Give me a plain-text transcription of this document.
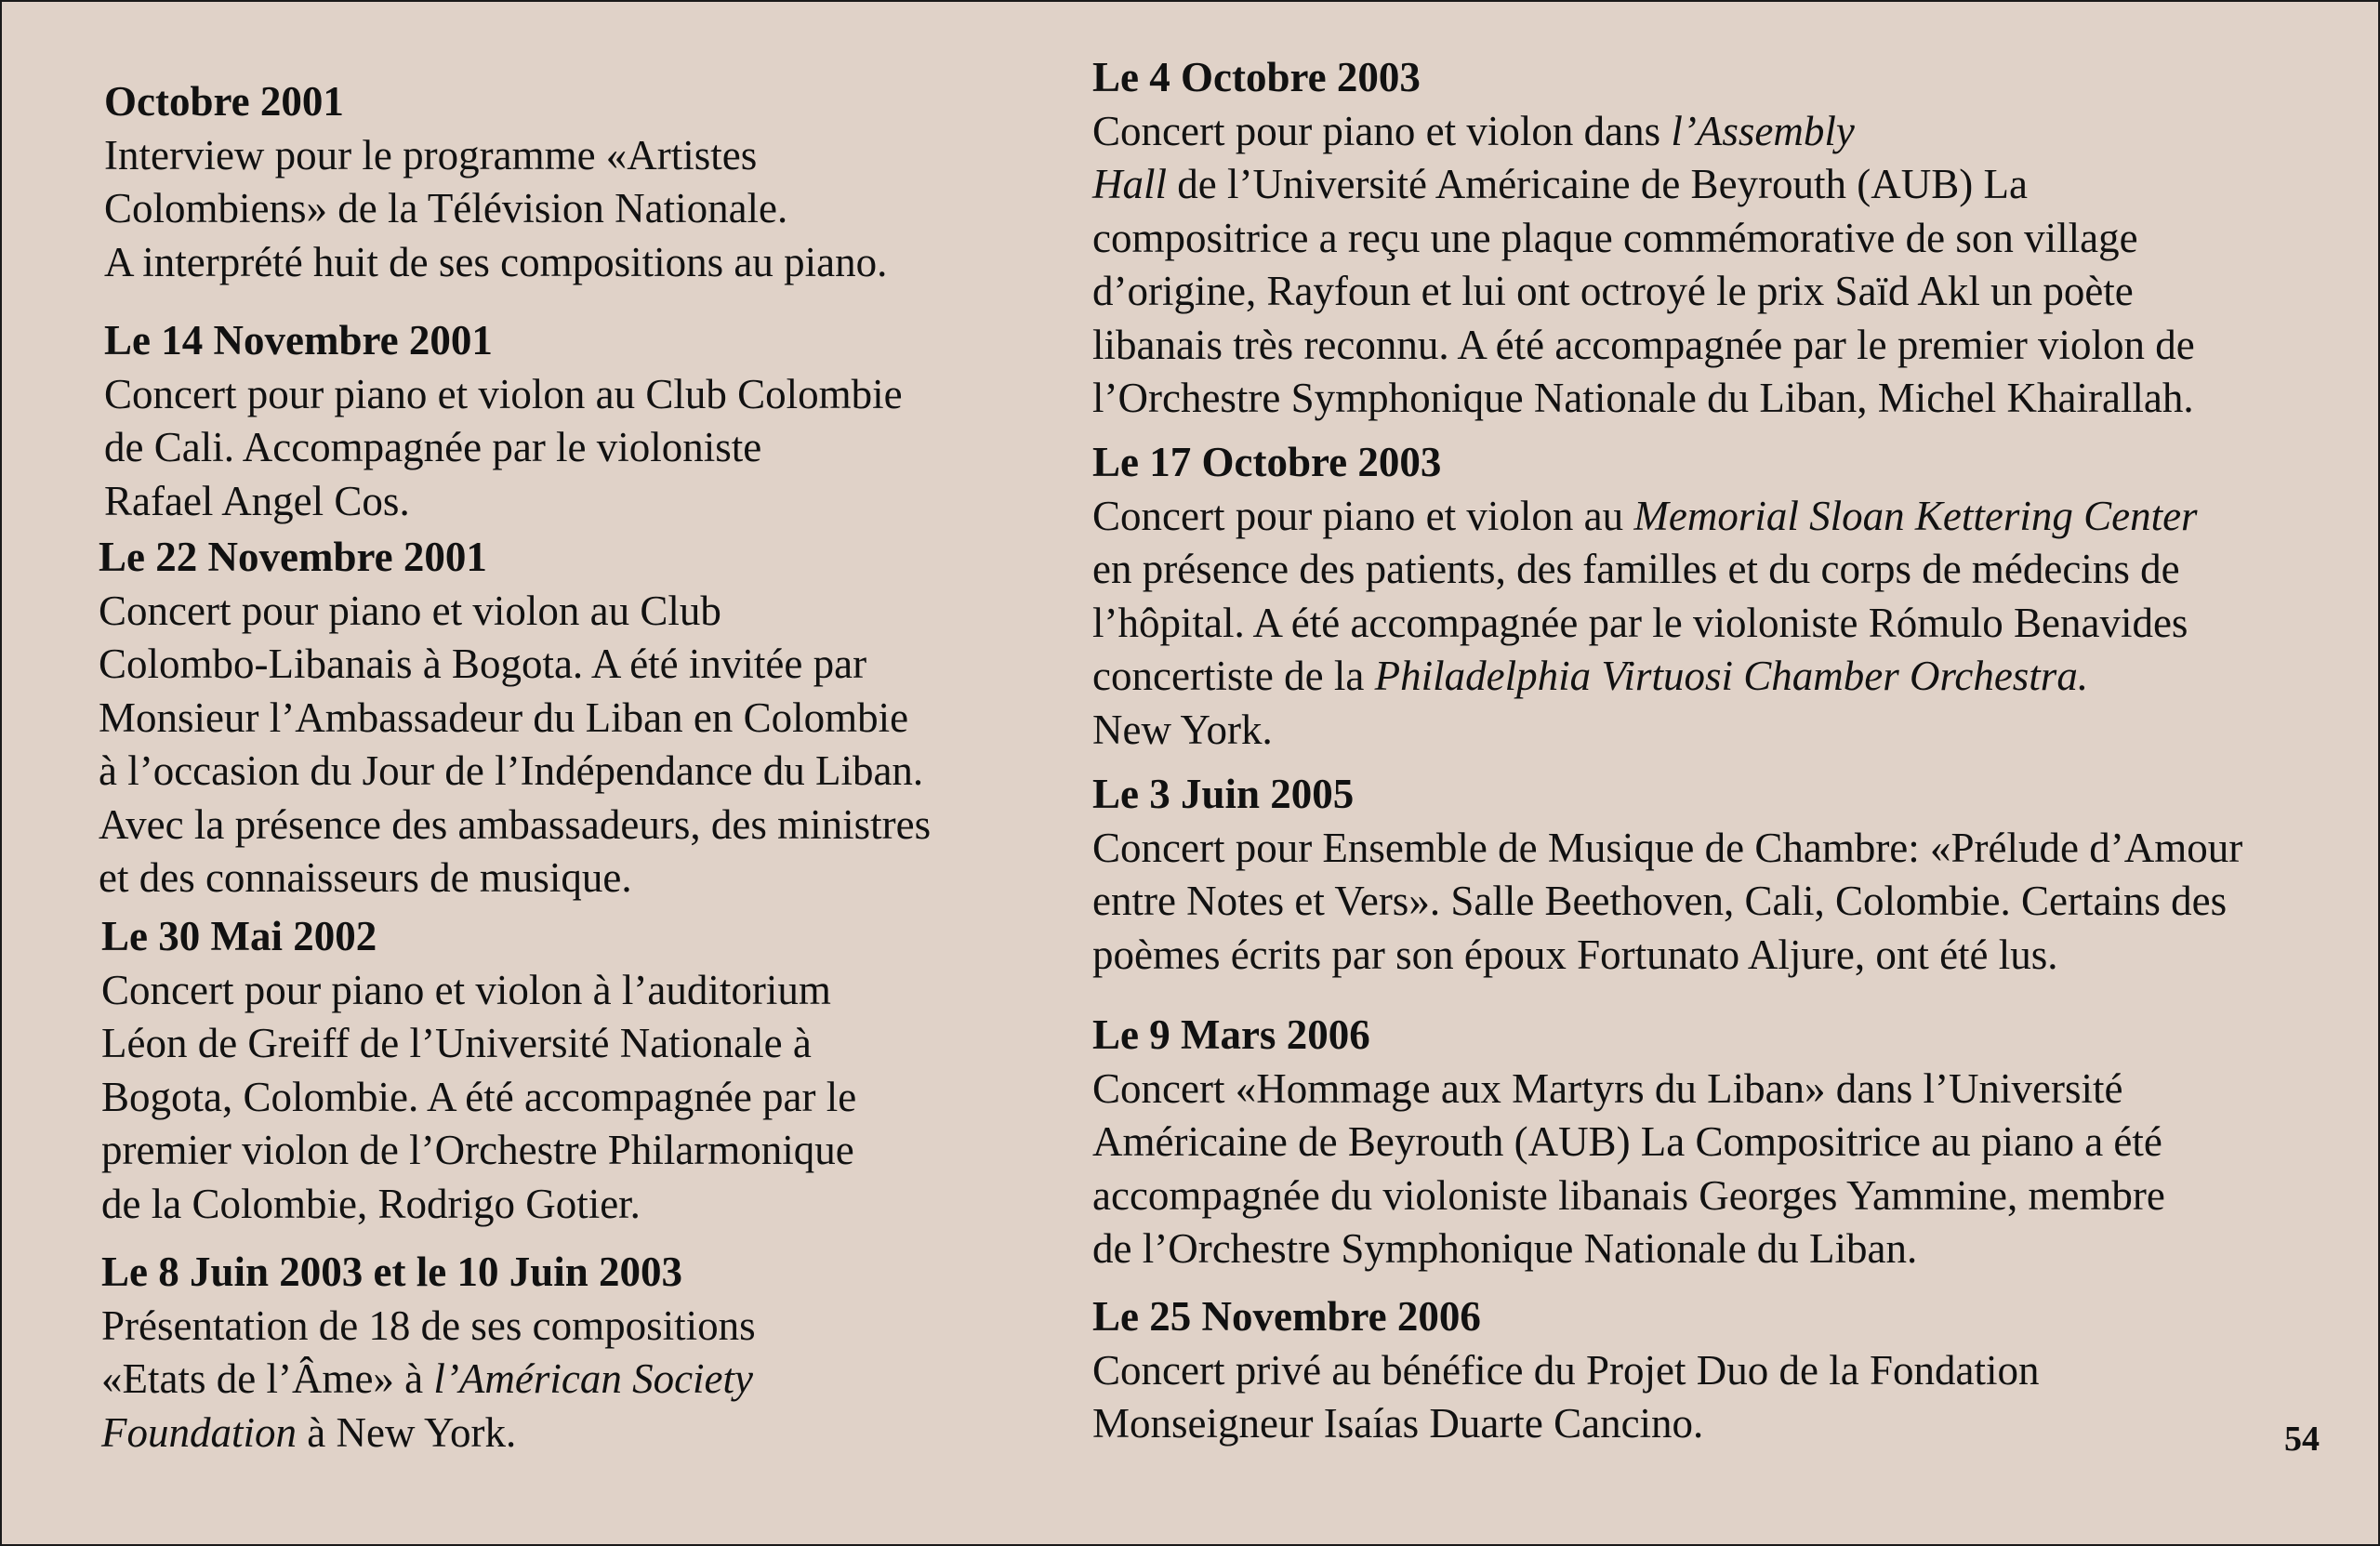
Octobre 2001

Interview pour le programme «Artistes
Colombiens» de la Télévision Nationale.
A interprété huit de ses compositions au piano.

Le 14 Novembre 2001

Concert pour piano et violon au Club Colombie
de Cali. Accompagnée par le violoniste
Rafael Angel Cos.

Le 22 Novembre 2001

Concert pour piano et violon au Club
Colombo-Libanais à Bogota. A été invitée par
Monsieur l’Ambassadeur du Liban en Colombie
à l’occasion du Jour de l’Indépendance du Liban.
Avec la présence des ambassadeurs, des ministres
et des connaisseurs de musique.

Le 30 Mai 2002

Concert pour piano et violon à l’auditorium
Léon de Greiff de l’Université Nationale à
Bogota, Colombie. A été accompagnée par le
premier violon de l’Orchestre Philarmonique
de la Colombie, Rodrigo Gotier.

Le 8 Juin 2003 et le 10 Juin 2003

Présentation de 18 de ses compositions
«Etats de l’Âme» à l’Américan Society
Foundation à New York.

Le 4 Octobre 2003

Concert pour piano et violon dans l’Assembly
Hall de l’Université Américaine de Beyrouth (AUB) La
compositrice a reçu une plaque commémorative de son village
d’origine, Rayfoun et lui ont octroyé le prix Saïd Akl un poète
libanais très reconnu. A été accompagnée par le premier violon de
l’Orchestre Symphonique Nationale du Liban, Michel Khairallah.

Le 17 Octobre 2003

Concert pour piano et violon au Memorial Sloan Kettering Center
en présence des patients, des familles et du corps de médecins de
l’hôpital. A été accompagnée par le violoniste Rómulo Benavides
concertiste de la Philadelphia Virtuosi Chamber Orchestra.
New York.

Le 3 Juin 2005

Concert pour Ensemble de Musique de Chambre: «Prélude d’Amour
entre Notes et Vers». Salle Beethoven, Cali, Colombie. Certains des
poèmes écrits par son époux Fortunato Aljure, ont été lus.

Le 9 Mars 2006

Concert «Hommage aux Martyrs du Liban» dans l’Université
Américaine de Beyrouth (AUB) La Compositrice au piano a été
accompagnée du violoniste libanais Georges Yammine, membre
de l’Orchestre Symphonique Nationale du Liban.

Le 25 Novembre 2006

Concert privé au bénéfice du Projet Duo de la Fondation
Monseigneur Isaías Duarte Cancino.	54
